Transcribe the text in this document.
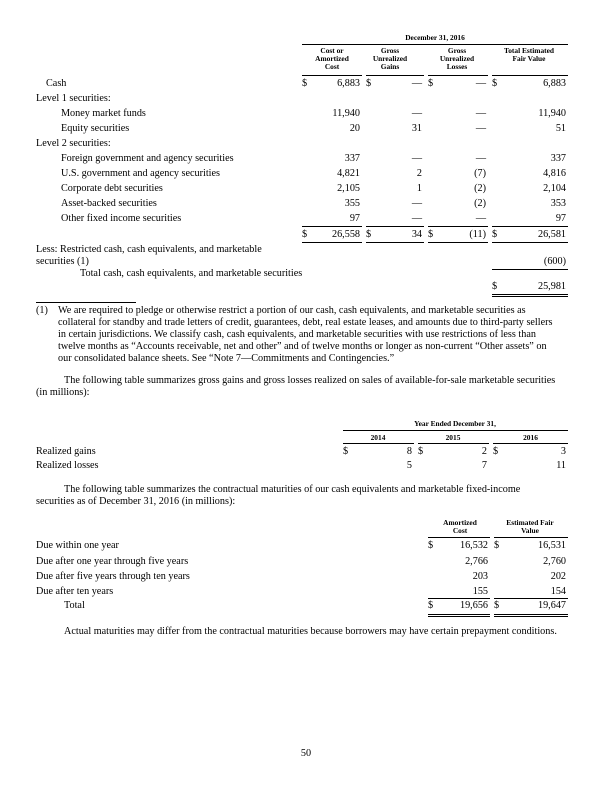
December 31, 2016
Cost or Amortized Cost
Gross Unrealized Gains
Gross Unrealized Losses
Total Estimated Fair Value
Cash	$	6,883 $	— $	— $	6,883
Level 1 securities:
Money market funds	11,940	—	—	11,940
Equity securities	20	31	—	51
Level 2 securities:
Foreign government and agency securities	337	—	—	337
U.S. government and agency securities	4,821	2	(7)	4,816
Corporate debt securities	2,105	1	(2)	2,104
Asset-backed securities	355	—	(2)	353
Other fixed income securities	97	—	—	97
$	26,558 $	34 $	(11) $	26,581
Less: Restricted cash, cash equivalents, and marketable
securities (1)	(600)
Total cash, cash equivalents, and marketable securities
$	25,981
(1) We are required to pledge or otherwise restrict a portion of our cash, cash equivalents, and marketable securities as
collateral for standby and trade letters of credit, guarantees, debt, real estate leases, and amounts due to third-party sellers
in certain jurisdictions. We classify cash, cash equivalents, and marketable securities with use restrictions of less than
twelve months as “Accounts receivable, net and other” and of twelve months or longer as non-current “Other assets” on
our consolidated balance sheets. See “Note 7—Commitments and Contingencies.”
The following table summarizes gross gains and gross losses realized on sales of available-for-sale marketable securities
(in millions):
Year Ended December 31,
2014	2015	2016
Realized gains	$	8 $	2 $	3
Realized losses	5	7	11
The following table summarizes the contractual maturities of our cash equivalents and marketable fixed-income
securities as of December 31, 2016 (in millions):
Amortized Cost
Estimated Fair Value
Due within one year	$	16,532 $	16,531
Due after one year through five years	2,766	2,760
Due after five years through ten years	203	202
Due after ten years	155	154
Total	$	19,656 $	19,647
Actual maturities may differ from the contractual maturities because borrowers may have certain prepayment conditions.
50
